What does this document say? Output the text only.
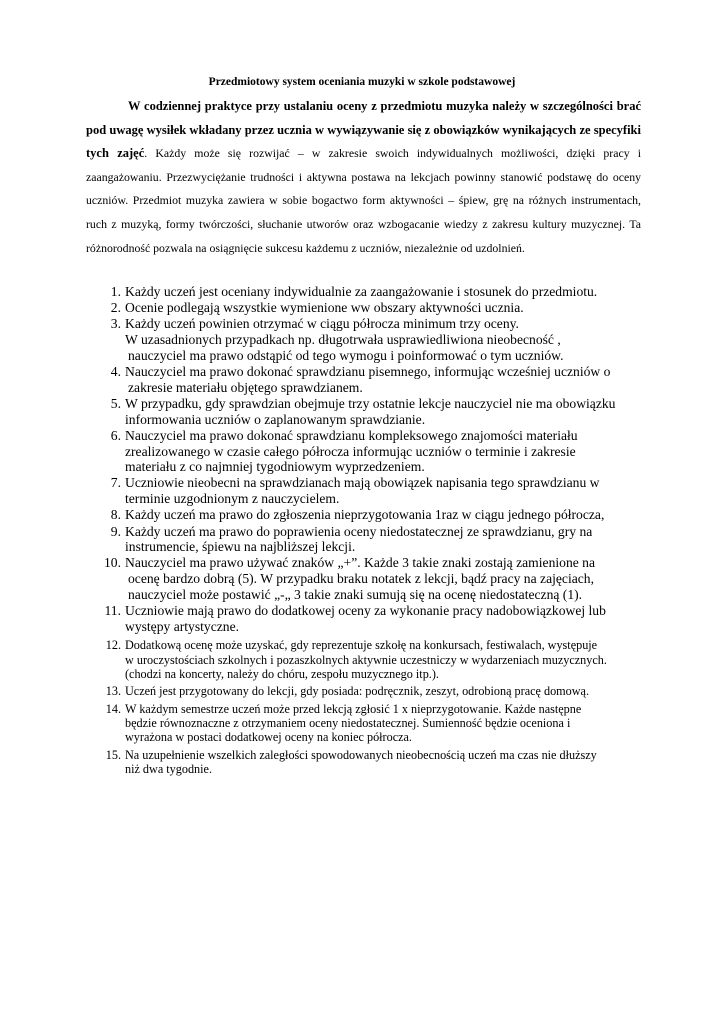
Przedmiotowy system oceniania muzyki w szkole podstawowej

W codziennej praktyce przy ustalaniu oceny z przedmiotu muzyka należy w szczególności brać pod uwagę wysiłek wkładany przez ucznia w wywiązywanie się z obowiązków wynikających ze specyfiki tych zajęć. Każdy może się rozwijać – w zakresie swoich indywidualnych możliwości, dzięki pracy i zaangażowaniu. Przezwyciężanie trudności i aktywna postawa na lekcjach powinny stanowić podstawę do oceny uczniów. Przedmiot muzyka zawiera w sobie bogactwo form aktywności – śpiew, grę na różnych instrumentach, ruch z muzyką, formy twórczości, słuchanie utworów oraz wzbogacanie wiedzy z zakresu kultury muzycznej. Ta różnorodność pozwala na osiągnięcie sukcesu każdemu z uczniów, niezależnie od uzdolnień.

1. Każdy uczeń jest oceniany indywidualnie za zaangażowanie i stosunek do przedmiotu.
2. Ocenie podlegają wszystkie wymienione ww obszary aktywności ucznia.
3. Każdy uczeń powinien otrzymać w ciągu półrocza minimum trzy oceny.
W uzasadnionych przypadkach np. długotrwała usprawiedliwiona nieobecność ,
nauczyciel ma prawo odstąpić od tego wymogu i poinformować o tym uczniów.
4. Nauczyciel ma prawo dokonać sprawdzianu pisemnego, informując wcześniej uczniów o
zakresie materiału objętego sprawdzianem.
5. W przypadku, gdy sprawdzian obejmuje trzy ostatnie lekcje nauczyciel nie ma obowiązku
informowania uczniów o zaplanowanym sprawdzianie.
6. Nauczyciel ma prawo dokonać sprawdzianu kompleksowego znajomości materiału
zrealizowanego w czasie całego półrocza informując uczniów o terminie i zakresie
materiału z co najmniej tygodniowym wyprzedzeniem.
7. Uczniowie nieobecni na sprawdzianach mają obowiązek napisania tego sprawdzianu w
terminie uzgodnionym z nauczycielem.
8. Każdy uczeń ma prawo do zgłoszenia nieprzygotowania 1raz w ciągu jednego półrocza,
9. Każdy uczeń ma prawo do poprawienia oceny niedostatecznej ze sprawdzianu, gry na
instrumencie, śpiewu na najbliższej lekcji.
10. Nauczyciel ma prawo używać znaków „+”. Każde 3 takie znaki zostają zamienione na
ocenę bardzo dobrą (5). W przypadku braku notatek z lekcji, bądź pracy na zajęciach,
nauczyciel może postawić „-„ 3 takie znaki sumują się na ocenę niedostateczną (1).
11. Uczniowie mają prawo do dodatkowej oceny za wykonanie pracy nadobowiązkowej lub
występy artystyczne.
12. Dodatkową ocenę może uzyskać, gdy reprezentuje szkołę na konkursach, festiwalach, występuje
w uroczystościach szkolnych i pozaszkolnych aktywnie uczestniczy w wydarzeniach muzycznych.
(chodzi na koncerty, należy do chóru, zespołu muzycznego itp.).
13. Uczeń jest przygotowany do lekcji, gdy posiada: podręcznik, zeszyt, odrobioną pracę domową.
14. W każdym semestrze uczeń może przed lekcją zgłosić 1 x nieprzygotowanie. Każde następne
będzie równoznaczne z otrzymaniem oceny niedostatecznej. Sumienność będzie oceniona i
wyrażona w postaci dodatkowej oceny na koniec półrocza.
15. Na uzupełnienie wszelkich zaległości spowodowanych nieobecnością uczeń ma czas nie dłuższy
niż dwa tygodnie.
